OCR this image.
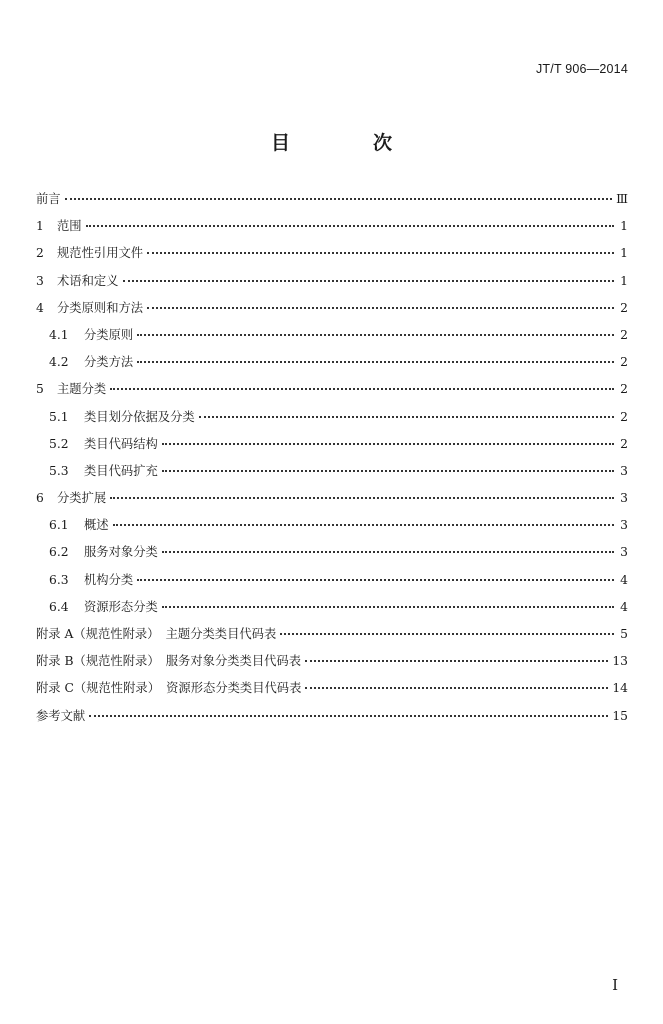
JT/T 906—2014
目　次
前言	Ⅲ
1	范围	1
2	规范性引用文件	1
3	术语和定义	1
4	分类原则和方法	2
4.1	分类原则	2
4.2	分类方法	2
5	主题分类	2
5.1	类目划分依据及分类	2
5.2	类目代码结构	2
5.3	类目代码扩充	3
6	分类扩展	3
6.1	概述	3
6.2	服务对象分类	3
6.3	机构分类	4
6.4	资源形态分类	4
附录 A（规范性附录）　主题分类类目代码表	5
附录 B（规范性附录）　服务对象分类类目代码表	13
附录 C（规范性附录）　资源形态分类类目代码表	14
参考文献	15
I
